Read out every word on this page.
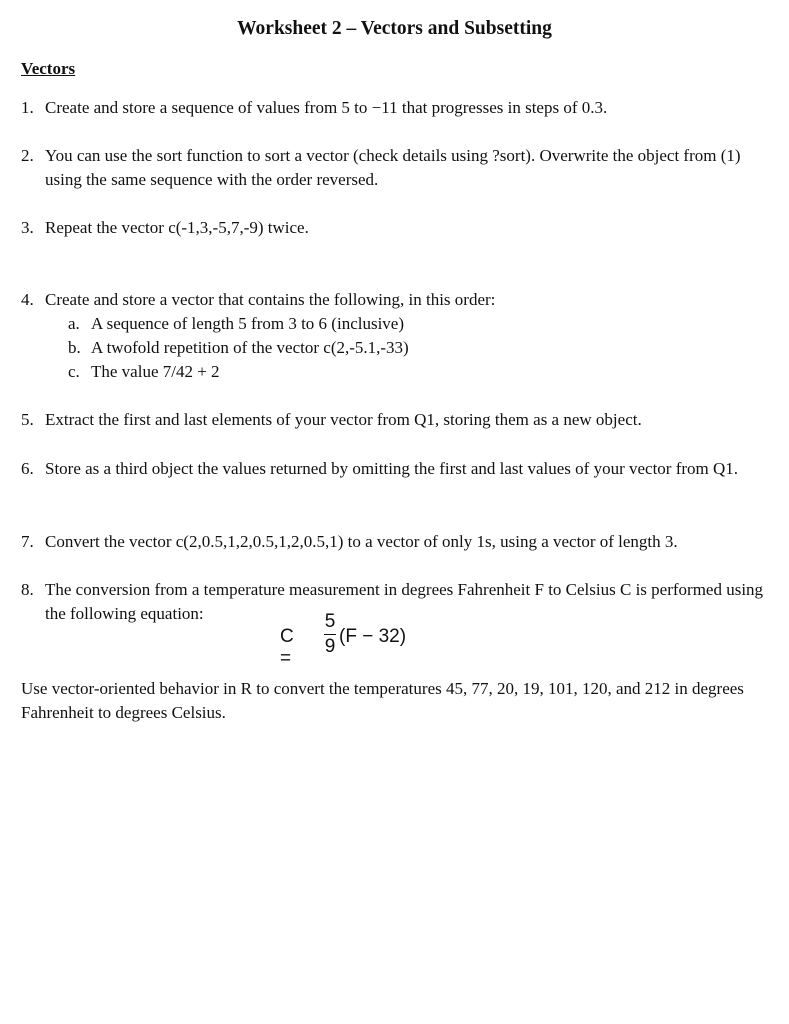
Worksheet 2 – Vectors and Subsetting
Vectors
1. Create and store a sequence of values from 5 to −11 that progresses in steps of 0.3.
2. You can use the sort function to sort a vector (check details using ?sort). Overwrite the object from (1) using the same sequence with the order reversed.
3. Repeat the vector c(-1,3,-5,7,-9) twice.
4. Create and store a vector that contains the following, in this order:
a. A sequence of length 5 from 3 to 6 (inclusive)
b. A twofold repetition of the vector c(2,-5.1,-33)
c. The value 7/42 + 2
5. Extract the first and last elements of your vector from Q1, storing them as a new object.
6. Store as a third object the values returned by omitting the first and last values of your vector from Q1.
7. Convert the vector c(2,0.5,1,2,0.5,1,2,0.5,1) to a vector of only 1s, using a vector of length 3.
8. The conversion from a temperature measurement in degrees Fahrenheit F to Celsius C is performed using the following equation:
C =
5
9 (F − 32)
Use vector-oriented behavior in R to convert the temperatures 45, 77, 20, 19, 101, 120, and 212 in degrees Fahrenheit to degrees Celsius.
